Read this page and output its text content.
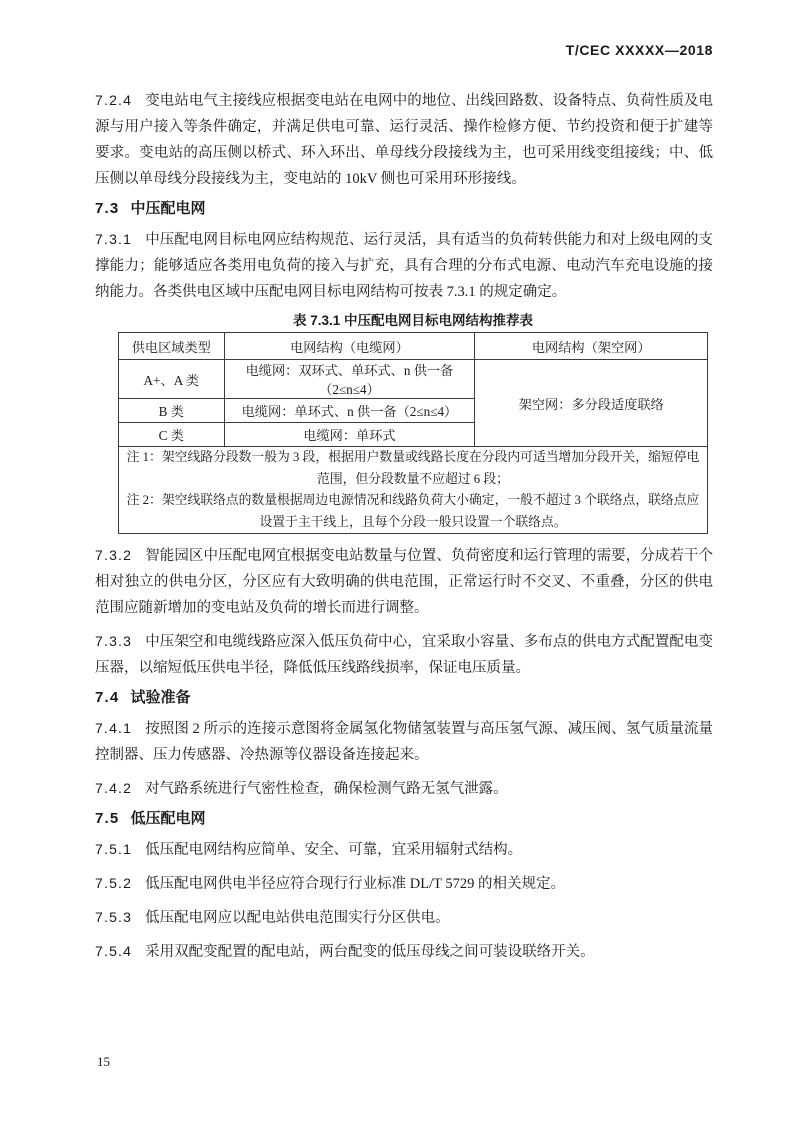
T/CEC XXXXX—2018

7.2.4 变电站电气主接线应根据变电站在电网中的地位、出线回路数、设备特点、负荷性质及电源与用户接入等条件确定，并满足供电可靠、运行灵活、操作检修方便、节约投资和便于扩建等要求。变电站的高压侧以桥式、环入环出、单母线分段接线为主，也可采用线变组接线；中、低压侧以单母线分段接线为主，变电站的 10kV 侧也可采用环形接线。

7.3 中压配电网

7.3.1 中压配电网目标电网应结构规范、运行灵活，具有适当的负荷转供能力和对上级电网的支撑能力；能够适应各类用电负荷的接入与扩充，具有合理的分布式电源、电动汽车充电设施的接纳能力。各类供电区域中压配电网目标电网结构可按表 7.3.1 的规定确定。

表 7.3.1 中压配电网目标电网结构推荐表
供电区域类型	电网结构（电缆网）	电网结构（架空网）
A+、A 类	电缆网：双环式、单环式、n 供一备（2≤n≤4）	架空网：多分段适度联络
B 类	电缆网：单环式、n 供一备（2≤n≤4）	
C 类	电缆网：单环式	

注 1：架空线路分段数一般为 3 段，根据用户数量或线路长度在分段内可适当增加分段开关，缩短停电范围，但分段数量不应超过 6 段；
注 2：架空线联络点的数量根据周边电源情况和线路负荷大小确定，一般不超过 3 个联络点，联络点应设置于主干线上，且每个分段一般只设置一个联络点。		

7.3.2 智能园区中压配电网宜根据变电站数量与位置、负荷密度和运行管理的需要，分成若干个相对独立的供电分区，分区应有大致明确的供电范围，正常运行时不交叉、不重叠，分区的供电范围应随新增加的变电站及负荷的增长而进行调整。

7.3.3 中压架空和电缆线路应深入低压负荷中心，宜采取小容量、多布点的供电方式配置配电变压器，以缩短低压供电半径，降低低压线路线损率，保证电压质量。

7.4 试验准备

7.4.1 按照图 2 所示的连接示意图将金属氢化物储氢装置与高压氢气源、减压阀、氢气质量流量控制器、压力传感器、冷热源等仪器设备连接起来。

7.4.2 对气路系统进行气密性检查，确保检测气路无氢气泄露。

7.5 低压配电网

7.5.1 低压配电网结构应简单、安全、可靠，宜采用辐射式结构。

7.5.2 低压配电网供电半径应符合现行行业标准 DL/T 5729 的相关规定。

7.5.3 低压配电网应以配电站供电范围实行分区供电。

7.5.4 采用双配变配置的配电站，两台配变的低压母线之间可装设联络开关。

15
